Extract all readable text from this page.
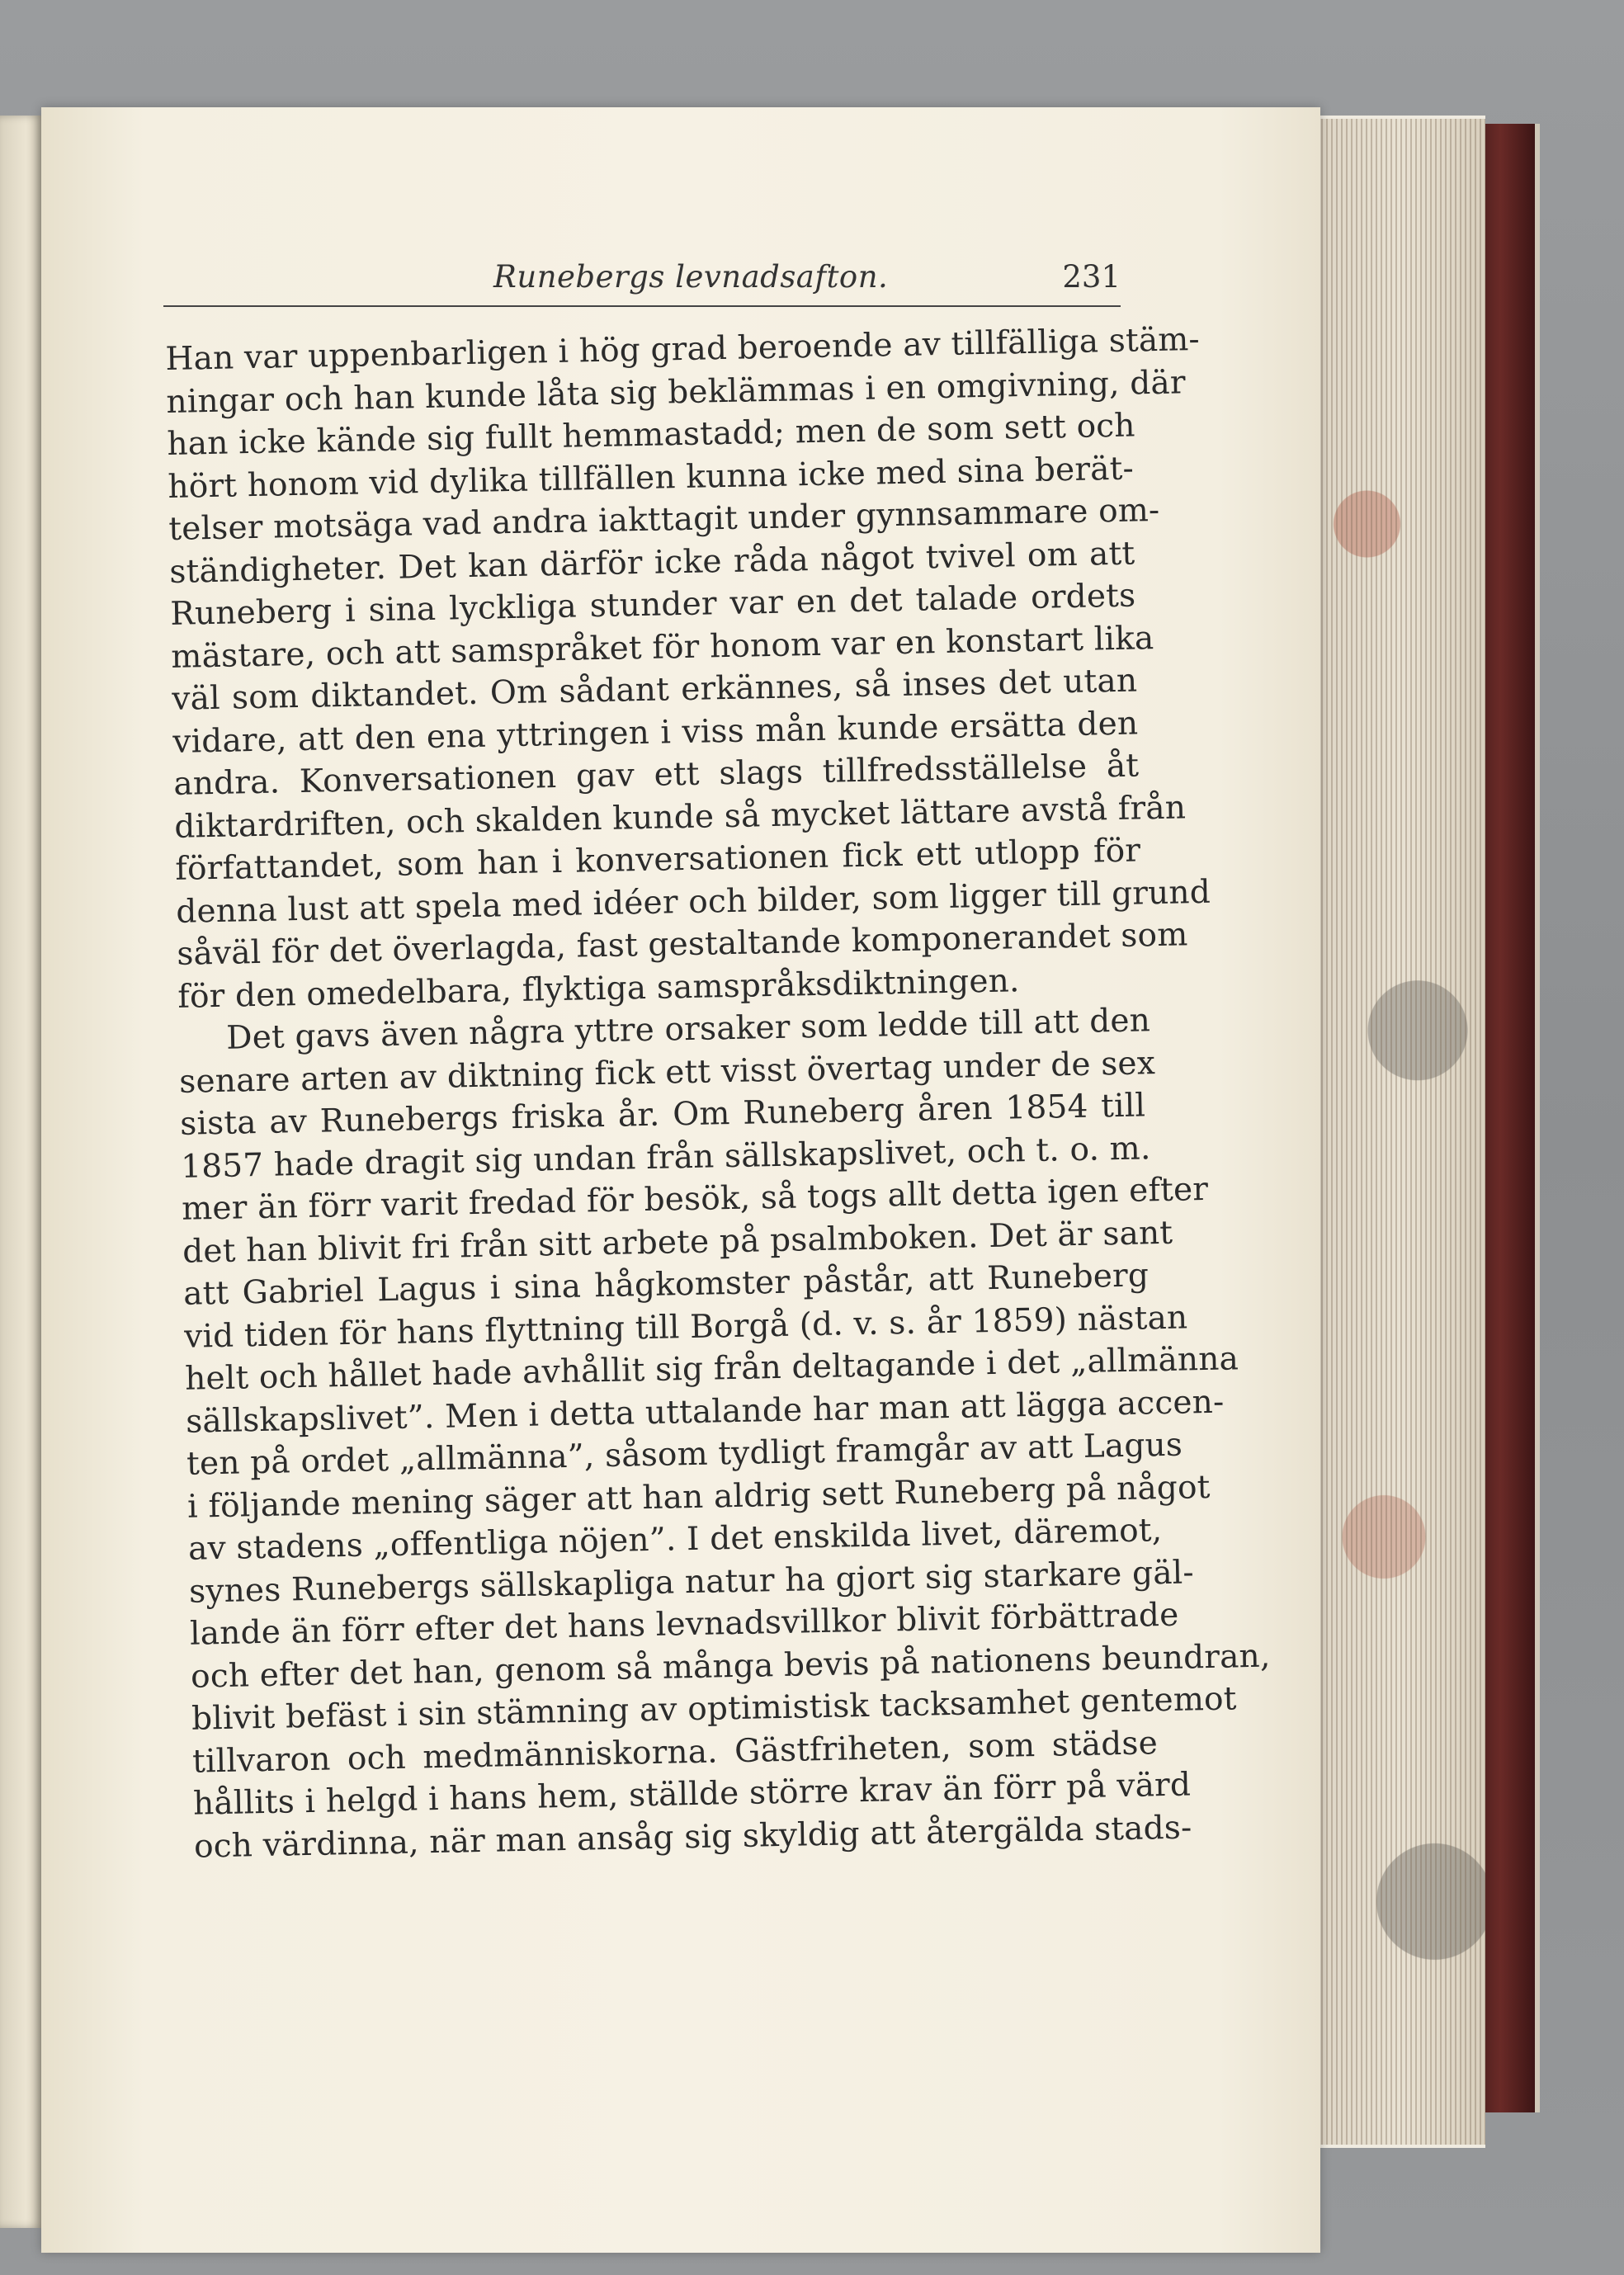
Runebergs levnadsafton.	231
Han var uppenbarligen i hög grad beroende av tillfälliga stäm-
ningar och han kunde låta sig beklämmas i en omgivning, där
han icke kände sig fullt hemmastadd; men de som sett och
hört honom vid dylika tillfällen kunna icke med sina berät-
telser motsäga vad andra iakttagit under gynnsammare om-
ständigheter. Det kan därför icke råda något tvivel om att
Runeberg i sina lyckliga stunder var en det talade ordets
mästare, och att samspråket för honom var en konstart lika
väl som diktandet. Om sådant erkännes, så inses det utan
vidare, att den ena yttringen i viss mån kunde ersätta den
andra. Konversationen gav ett slags tillfredsställelse åt
diktardriften, och skalden kunde så mycket lättare avstå från
författandet, som han i konversationen fick ett utlopp för
denna lust att spela med idéer och bilder, som ligger till grund
såväl för det överlagda, fast gestaltande komponerandet som
för den omedelbara, flyktiga samspråksdiktningen.
Det gavs även några yttre orsaker som ledde till att den
senare arten av diktning fick ett visst övertag under de sex
sista av Runebergs friska år. Om Runeberg åren 1854 till
1857 hade dragit sig undan från sällskapslivet, och t. o. m.
mer än förr varit fredad för besök, så togs allt detta igen efter
det han blivit fri från sitt arbete på psalmboken. Det är sant
att Gabriel Lagus i sina hågkomster påstår, att Runeberg
vid tiden för hans flyttning till Borgå (d. v. s. år 1859) nästan
helt och hållet hade avhållit sig från deltagande i det „allmänna
sällskapslivet”. Men i detta uttalande har man att lägga accen-
ten på ordet „allmänna”, såsom tydligt framgår av att Lagus
i följande mening säger att han aldrig sett Runeberg på något
av stadens „offentliga nöjen”. I det enskilda livet, däremot,
synes Runebergs sällskapliga natur ha gjort sig starkare gäl-
lande än förr efter det hans levnadsvillkor blivit förbättrade
och efter det han, genom så många bevis på nationens beundran,
blivit befäst i sin stämning av optimistisk tacksamhet gentemot
tillvaron och medmänniskorna. Gästfriheten, som städse
hållits i helgd i hans hem, ställde större krav än förr på värd
och värdinna, när man ansåg sig skyldig att återgälda stads-
